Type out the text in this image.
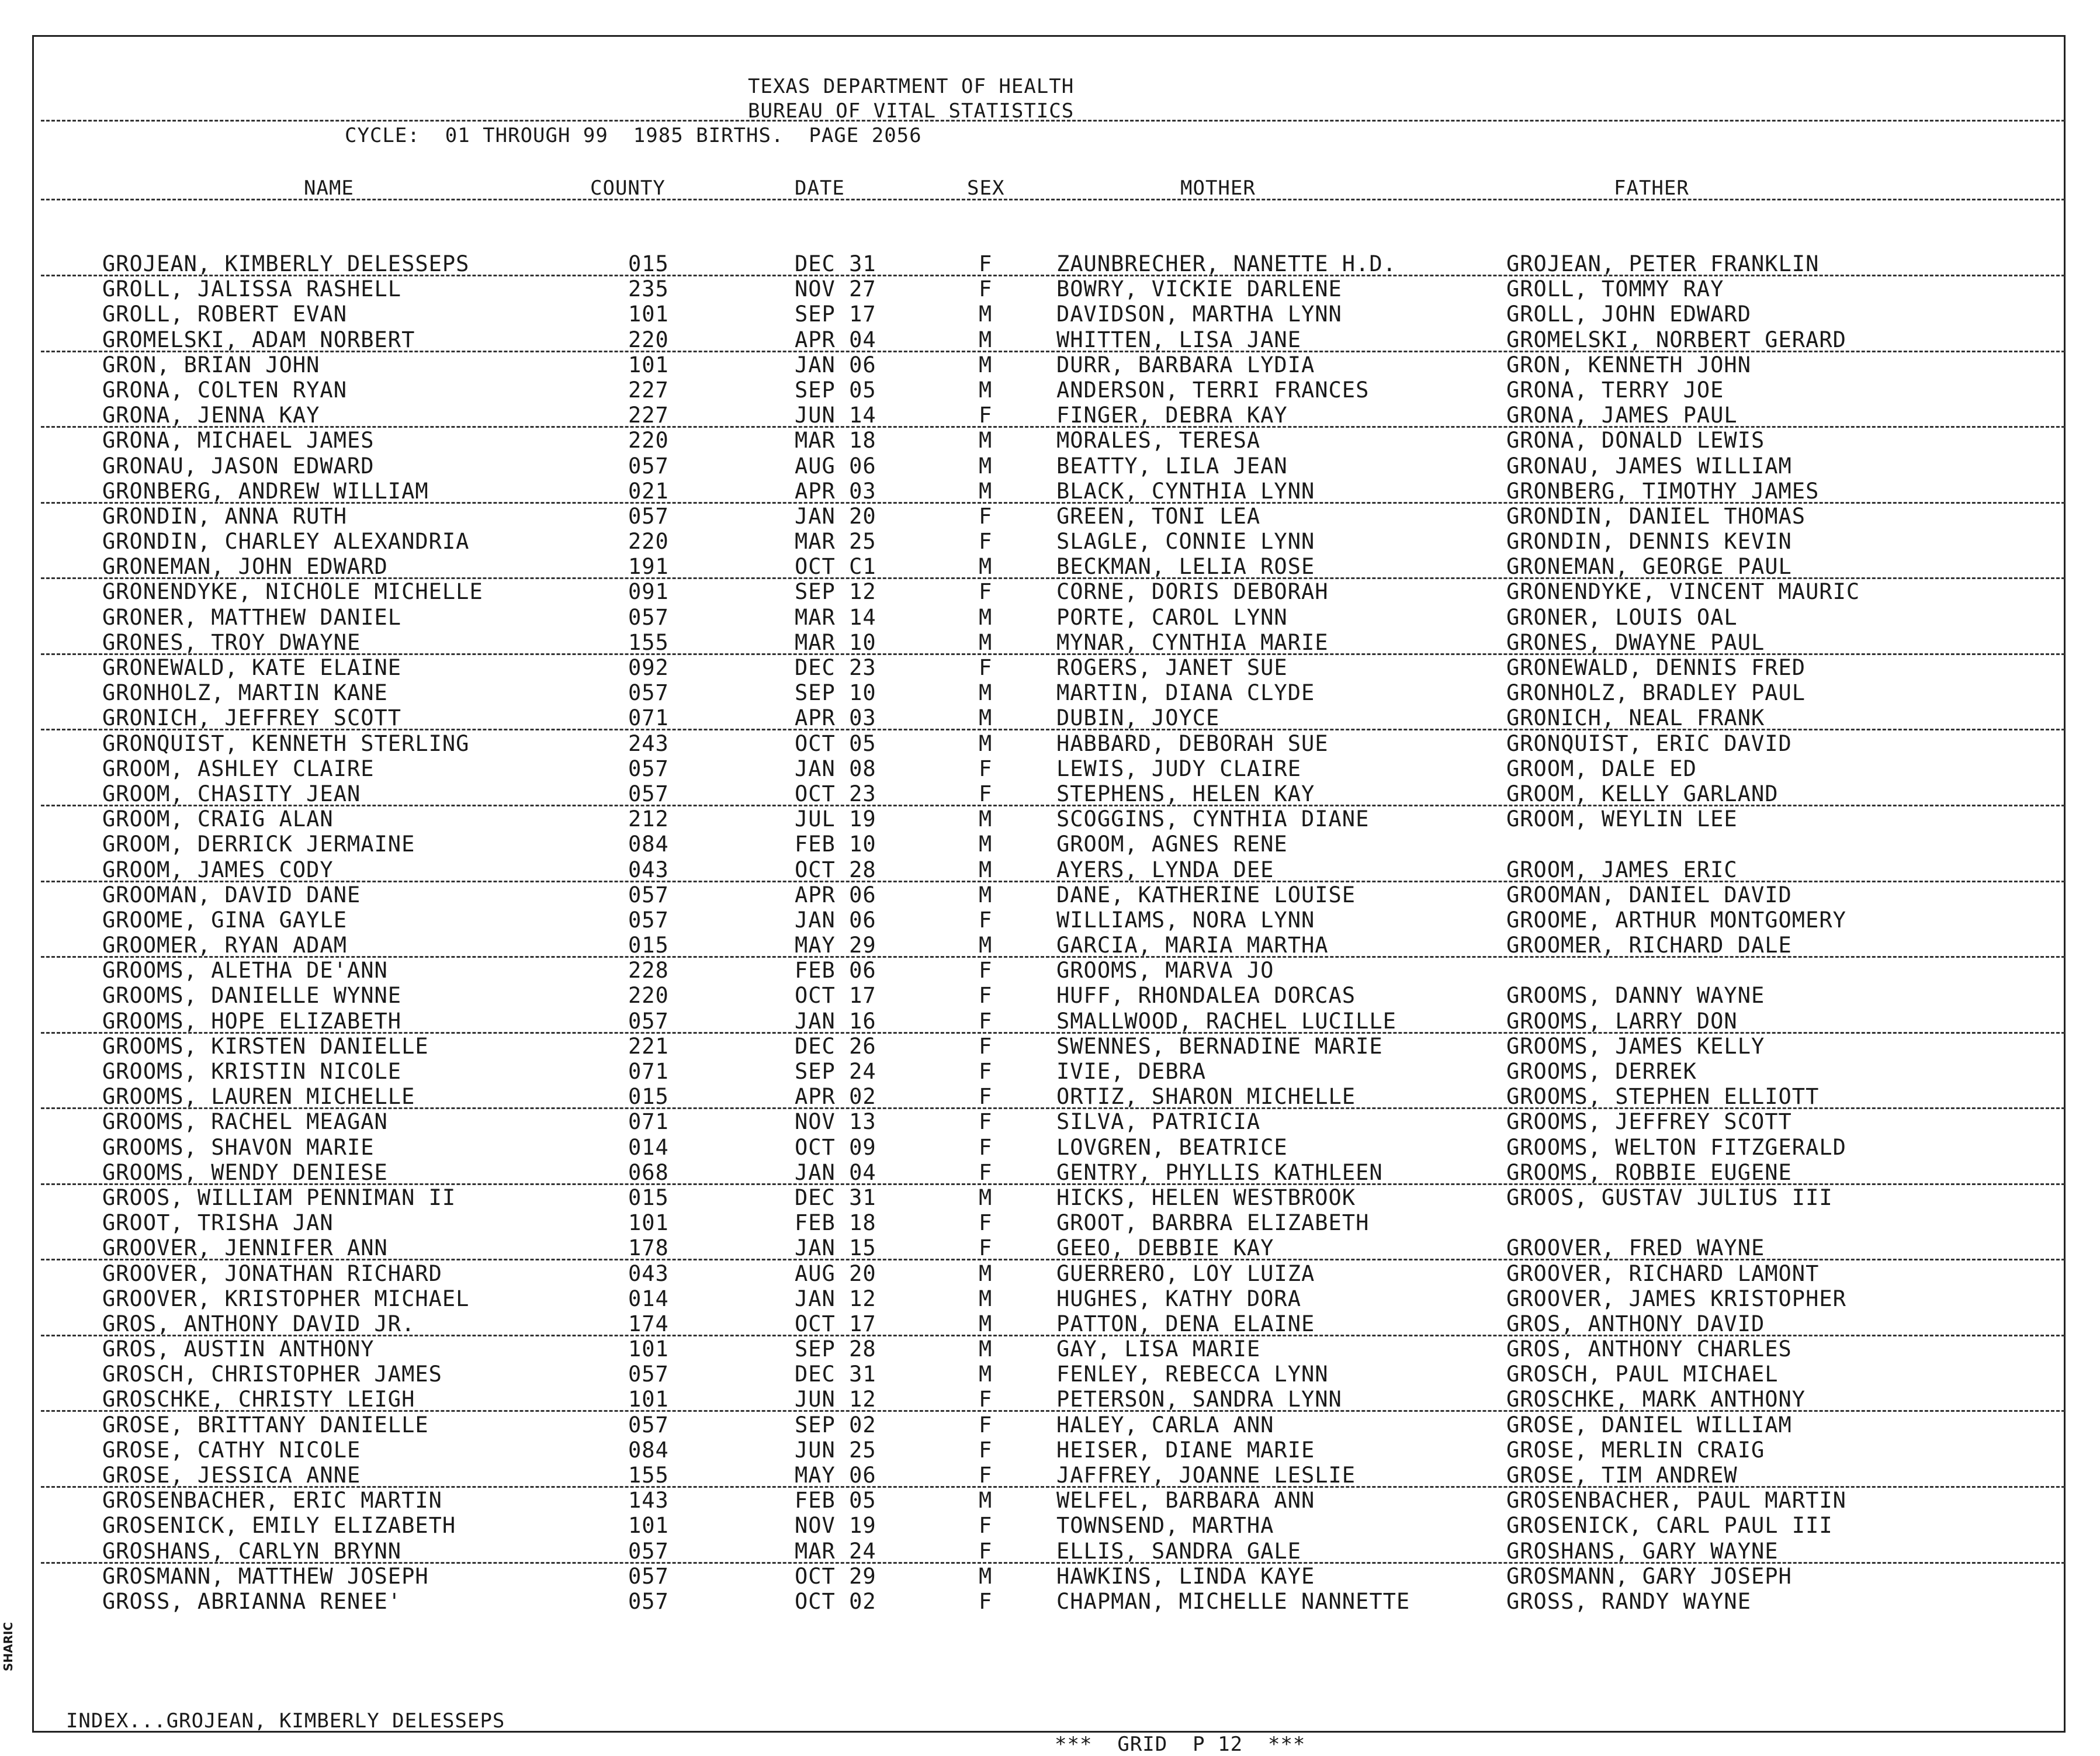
TEXAS DEPARTMENT OF HEALTH
BUREAU OF VITAL STATISTICS
CYCLE:  01 THROUGH 99  1985 BIRTHS.  PAGE 2056
NAME	COUNTY	DATE	SEX	MOTHER	FATHER
GROJEAN, KIMBERLY DELESSEPS	015	DEC 31	F	ZAUNBRECHER, NANETTE H.D.	GROJEAN, PETER FRANKLIN
GROLL, JALISSA RASHELL	235	NOV 27	F	BOWRY, VICKIE DARLENE	GROLL, TOMMY RAY
GROLL, ROBERT EVAN	101	SEP 17	M	DAVIDSON, MARTHA LYNN	GROLL, JOHN EDWARD
GROMELSKI, ADAM NORBERT	220	APR 04	M	WHITTEN, LISA JANE	GROMELSKI, NORBERT GERARD
GRON, BRIAN JOHN	101	JAN 06	M	DURR, BARBARA LYDIA	GRON, KENNETH JOHN
GRONA, COLTEN RYAN	227	SEP 05	M	ANDERSON, TERRI FRANCES	GRONA, TERRY JOE
GRONA, JENNA KAY	227	JUN 14	F	FINGER, DEBRA KAY	GRONA, JAMES PAUL
GRONA, MICHAEL JAMES	220	MAR 18	M	MORALES, TERESA	GRONA, DONALD LEWIS
GRONAU, JASON EDWARD	057	AUG 06	M	BEATTY, LILA JEAN	GRONAU, JAMES WILLIAM
GRONBERG, ANDREW WILLIAM	021	APR 03	M	BLACK, CYNTHIA LYNN	GRONBERG, TIMOTHY JAMES
GRONDIN, ANNA RUTH	057	JAN 20	F	GREEN, TONI LEA	GRONDIN, DANIEL THOMAS
GRONDIN, CHARLEY ALEXANDRIA	220	MAR 25	F	SLAGLE, CONNIE LYNN	GRONDIN, DENNIS KEVIN
GRONEMAN, JOHN EDWARD	191	OCT C1	M	BECKMAN, LELIA ROSE	GRONEMAN, GEORGE PAUL
GRONENDYKE, NICHOLE MICHELLE	091	SEP 12	F	CORNE, DORIS DEBORAH	GRONENDYKE, VINCENT MAURIC
GRONER, MATTHEW DANIEL	057	MAR 14	M	PORTE, CAROL LYNN	GRONER, LOUIS OAL
GRONES, TROY DWAYNE	155	MAR 10	M	MYNAR, CYNTHIA MARIE	GRONES, DWAYNE PAUL
GRONEWALD, KATE ELAINE	092	DEC 23	F	ROGERS, JANET SUE	GRONEWALD, DENNIS FRED
GRONHOLZ, MARTIN KANE	057	SEP 10	M	MARTIN, DIANA CLYDE	GRONHOLZ, BRADLEY PAUL
GRONICH, JEFFREY SCOTT	071	APR 03	M	DUBIN, JOYCE	GRONICH, NEAL FRANK
GRONQUIST, KENNETH STERLING	243	OCT 05	M	HABBARD, DEBORAH SUE	GRONQUIST, ERIC DAVID
GROOM, ASHLEY CLAIRE	057	JAN 08	F	LEWIS, JUDY CLAIRE	GROOM, DALE ED
GROOM, CHASITY JEAN	057	OCT 23	F	STEPHENS, HELEN KAY	GROOM, KELLY GARLAND
GROOM, CRAIG ALAN	212	JUL 19	M	SCOGGINS, CYNTHIA DIANE	GROOM, WEYLIN LEE
GROOM, DERRICK JERMAINE	084	FEB 10	M	GROOM, AGNES RENE
GROOM, JAMES CODY	043	OCT 28	M	AYERS, LYNDA DEE	GROOM, JAMES ERIC
GROOMAN, DAVID DANE	057	APR 06	M	DANE, KATHERINE LOUISE	GROOMAN, DANIEL DAVID
GROOME, GINA GAYLE	057	JAN 06	F	WILLIAMS, NORA LYNN	GROOME, ARTHUR MONTGOMERY
GROOMER, RYAN ADAM	015	MAY 29	M	GARCIA, MARIA MARTHA	GROOMER, RICHARD DALE
GROOMS, ALETHA DE'ANN	228	FEB 06	F	GROOMS, MARVA JO
GROOMS, DANIELLE WYNNE	220	OCT 17	F	HUFF, RHONDALEA DORCAS	GROOMS, DANNY WAYNE
GROOMS, HOPE ELIZABETH	057	JAN 16	F	SMALLWOOD, RACHEL LUCILLE	GROOMS, LARRY DON
GROOMS, KIRSTEN DANIELLE	221	DEC 26	F	SWENNES, BERNADINE MARIE	GROOMS, JAMES KELLY
GROOMS, KRISTIN NICOLE	071	SEP 24	F	IVIE, DEBRA	GROOMS, DERREK
GROOMS, LAUREN MICHELLE	015	APR 02	F	ORTIZ, SHARON MICHELLE	GROOMS, STEPHEN ELLIOTT
GROOMS, RACHEL MEAGAN	071	NOV 13	F	SILVA, PATRICIA	GROOMS, JEFFREY SCOTT
GROOMS, SHAVON MARIE	014	OCT 09	F	LOVGREN, BEATRICE	GROOMS, WELTON FITZGERALD
GROOMS, WENDY DENIESE	068	JAN 04	F	GENTRY, PHYLLIS KATHLEEN	GROOMS, ROBBIE EUGENE
GROOS, WILLIAM PENNIMAN II	015	DEC 31	M	HICKS, HELEN WESTBROOK	GROOS, GUSTAV JULIUS III
GROOT, TRISHA JAN	101	FEB 18	F	GROOT, BARBRA ELIZABETH
GROOVER, JENNIFER ANN	178	JAN 15	F	GEEO, DEBBIE KAY	GROOVER, FRED WAYNE
GROOVER, JONATHAN RICHARD	043	AUG 20	M	GUERRERO, LOY LUIZA	GROOVER, RICHARD LAMONT
GROOVER, KRISTOPHER MICHAEL	014	JAN 12	M	HUGHES, KATHY DORA	GROOVER, JAMES KRISTOPHER
GROS, ANTHONY DAVID JR.	174	OCT 17	M	PATTON, DENA ELAINE	GROS, ANTHONY DAVID
GROS, AUSTIN ANTHONY	101	SEP 28	M	GAY, LISA MARIE	GROS, ANTHONY CHARLES
GROSCH, CHRISTOPHER JAMES	057	DEC 31	M	FENLEY, REBECCA LYNN	GROSCH, PAUL MICHAEL
GROSCHKE, CHRISTY LEIGH	101	JUN 12	F	PETERSON, SANDRA LYNN	GROSCHKE, MARK ANTHONY
GROSE, BRITTANY DANIELLE	057	SEP 02	F	HALEY, CARLA ANN	GROSE, DANIEL WILLIAM
GROSE, CATHY NICOLE	084	JUN 25	F	HEISER, DIANE MARIE	GROSE, MERLIN CRAIG
GROSE, JESSICA ANNE	155	MAY 06	F	JAFFREY, JOANNE LESLIE	GROSE, TIM ANDREW
GROSENBACHER, ERIC MARTIN	143	FEB 05	M	WELFEL, BARBARA ANN	GROSENBACHER, PAUL MARTIN
GROSENICK, EMILY ELIZABETH	101	NOV 19	F	TOWNSEND, MARTHA	GROSENICK, CARL PAUL III
GROSHANS, CARLYN BRYNN	057	MAR 24	F	ELLIS, SANDRA GALE	GROSHANS, GARY WAYNE
GROSMANN, MATTHEW JOSEPH	057	OCT 29	M	HAWKINS, LINDA KAYE	GROSMANN, GARY JOSEPH
GROSS, ABRIANNA RENEE'	057	OCT 02	F	CHAPMAN, MICHELLE NANNETTE	GROSS, RANDY WAYNE

INDEX...GROJEAN, KIMBERLY DELESSEPS

***  GRID  P 12  ***

SHARIC
